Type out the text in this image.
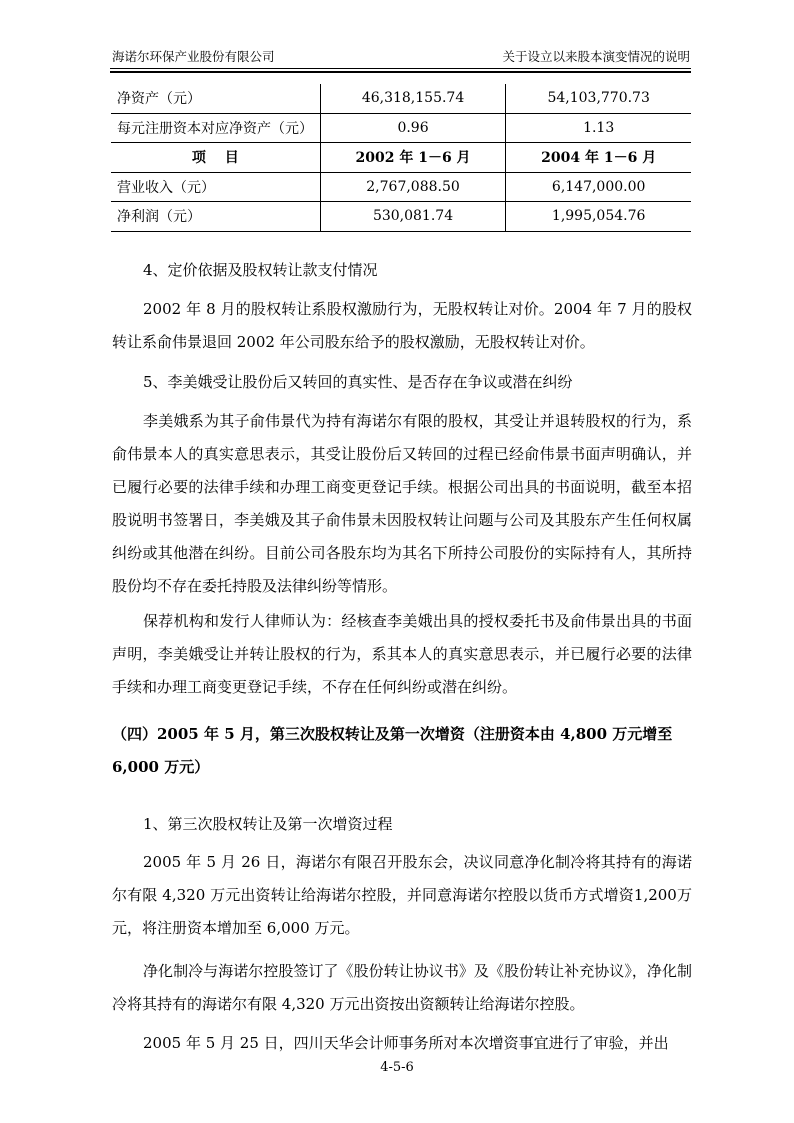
海诺尔环保产业股份有限公司	关于设立以来股本演变情况的说明
净资产（元）	46,318,155.74	54,103,770.73
每元注册资本对应净资产（元）	0.96	1.13
项　 目	2002 年 1－6 月	2004 年 1－6 月
营业收入（元）	2,767,088.50	6,147,000.00
净利润（元）	530,081.74	1,995,054.76
4、定价依据及股权转让款支付情况
2002 年 8 月的股权转让系股权激励行为，无股权转让对价。2004 年 7 月的股权转让系俞伟景退回 2002 年公司股东给予的股权激励，无股权转让对价。
5、李美娥受让股份后又转回的真实性、是否存在争议或潜在纠纷
李美娥系为其子俞伟景代为持有海诺尔有限的股权，其受让并退转股权的行为，系俞伟景本人的真实意思表示，其受让股份后又转回的过程已经俞伟景书面声明确认，并已履行必要的法律手续和办理工商变更登记手续。根据公司出具的书面说明，截至本招股说明书签署日，李美娥及其子俞伟景未因股权转让问题与公司及其股东产生任何权属纠纷或其他潜在纠纷。目前公司各股东均为其名下所持公司股份的实际持有人，其所持股份均不存在委托持股及法律纠纷等情形。
保荐机构和发行人律师认为：经核查李美娥出具的授权委托书及俞伟景出具的书面声明，李美娥受让并转让股权的行为，系其本人的真实意思表示，并已履行必要的法律手续和办理工商变更登记手续，不存在任何纠纷或潜在纠纷。
（四）2005 年 5 月，第三次股权转让及第一次增资（注册资本由 4,800 万元增至 6,000 万元）
1、第三次股权转让及第一次增资过程
2005 年 5 月 26 日，海诺尔有限召开股东会，决议同意净化制冷将其持有的海诺尔有限 4,320 万元出资转让给海诺尔控股，并同意海诺尔控股以货币方式增资1,200万元，将注册资本增加至 6,000 万元。
净化制冷与海诺尔控股签订了《股份转让协议书》及《股份转让补充协议》，净化制冷将其持有的海诺尔有限 4,320 万元出资按出资额转让给海诺尔控股。
2005 年 5 月 25 日，四川天华会计师事务所对本次增资事宜进行了审验，并出
4-5-6
